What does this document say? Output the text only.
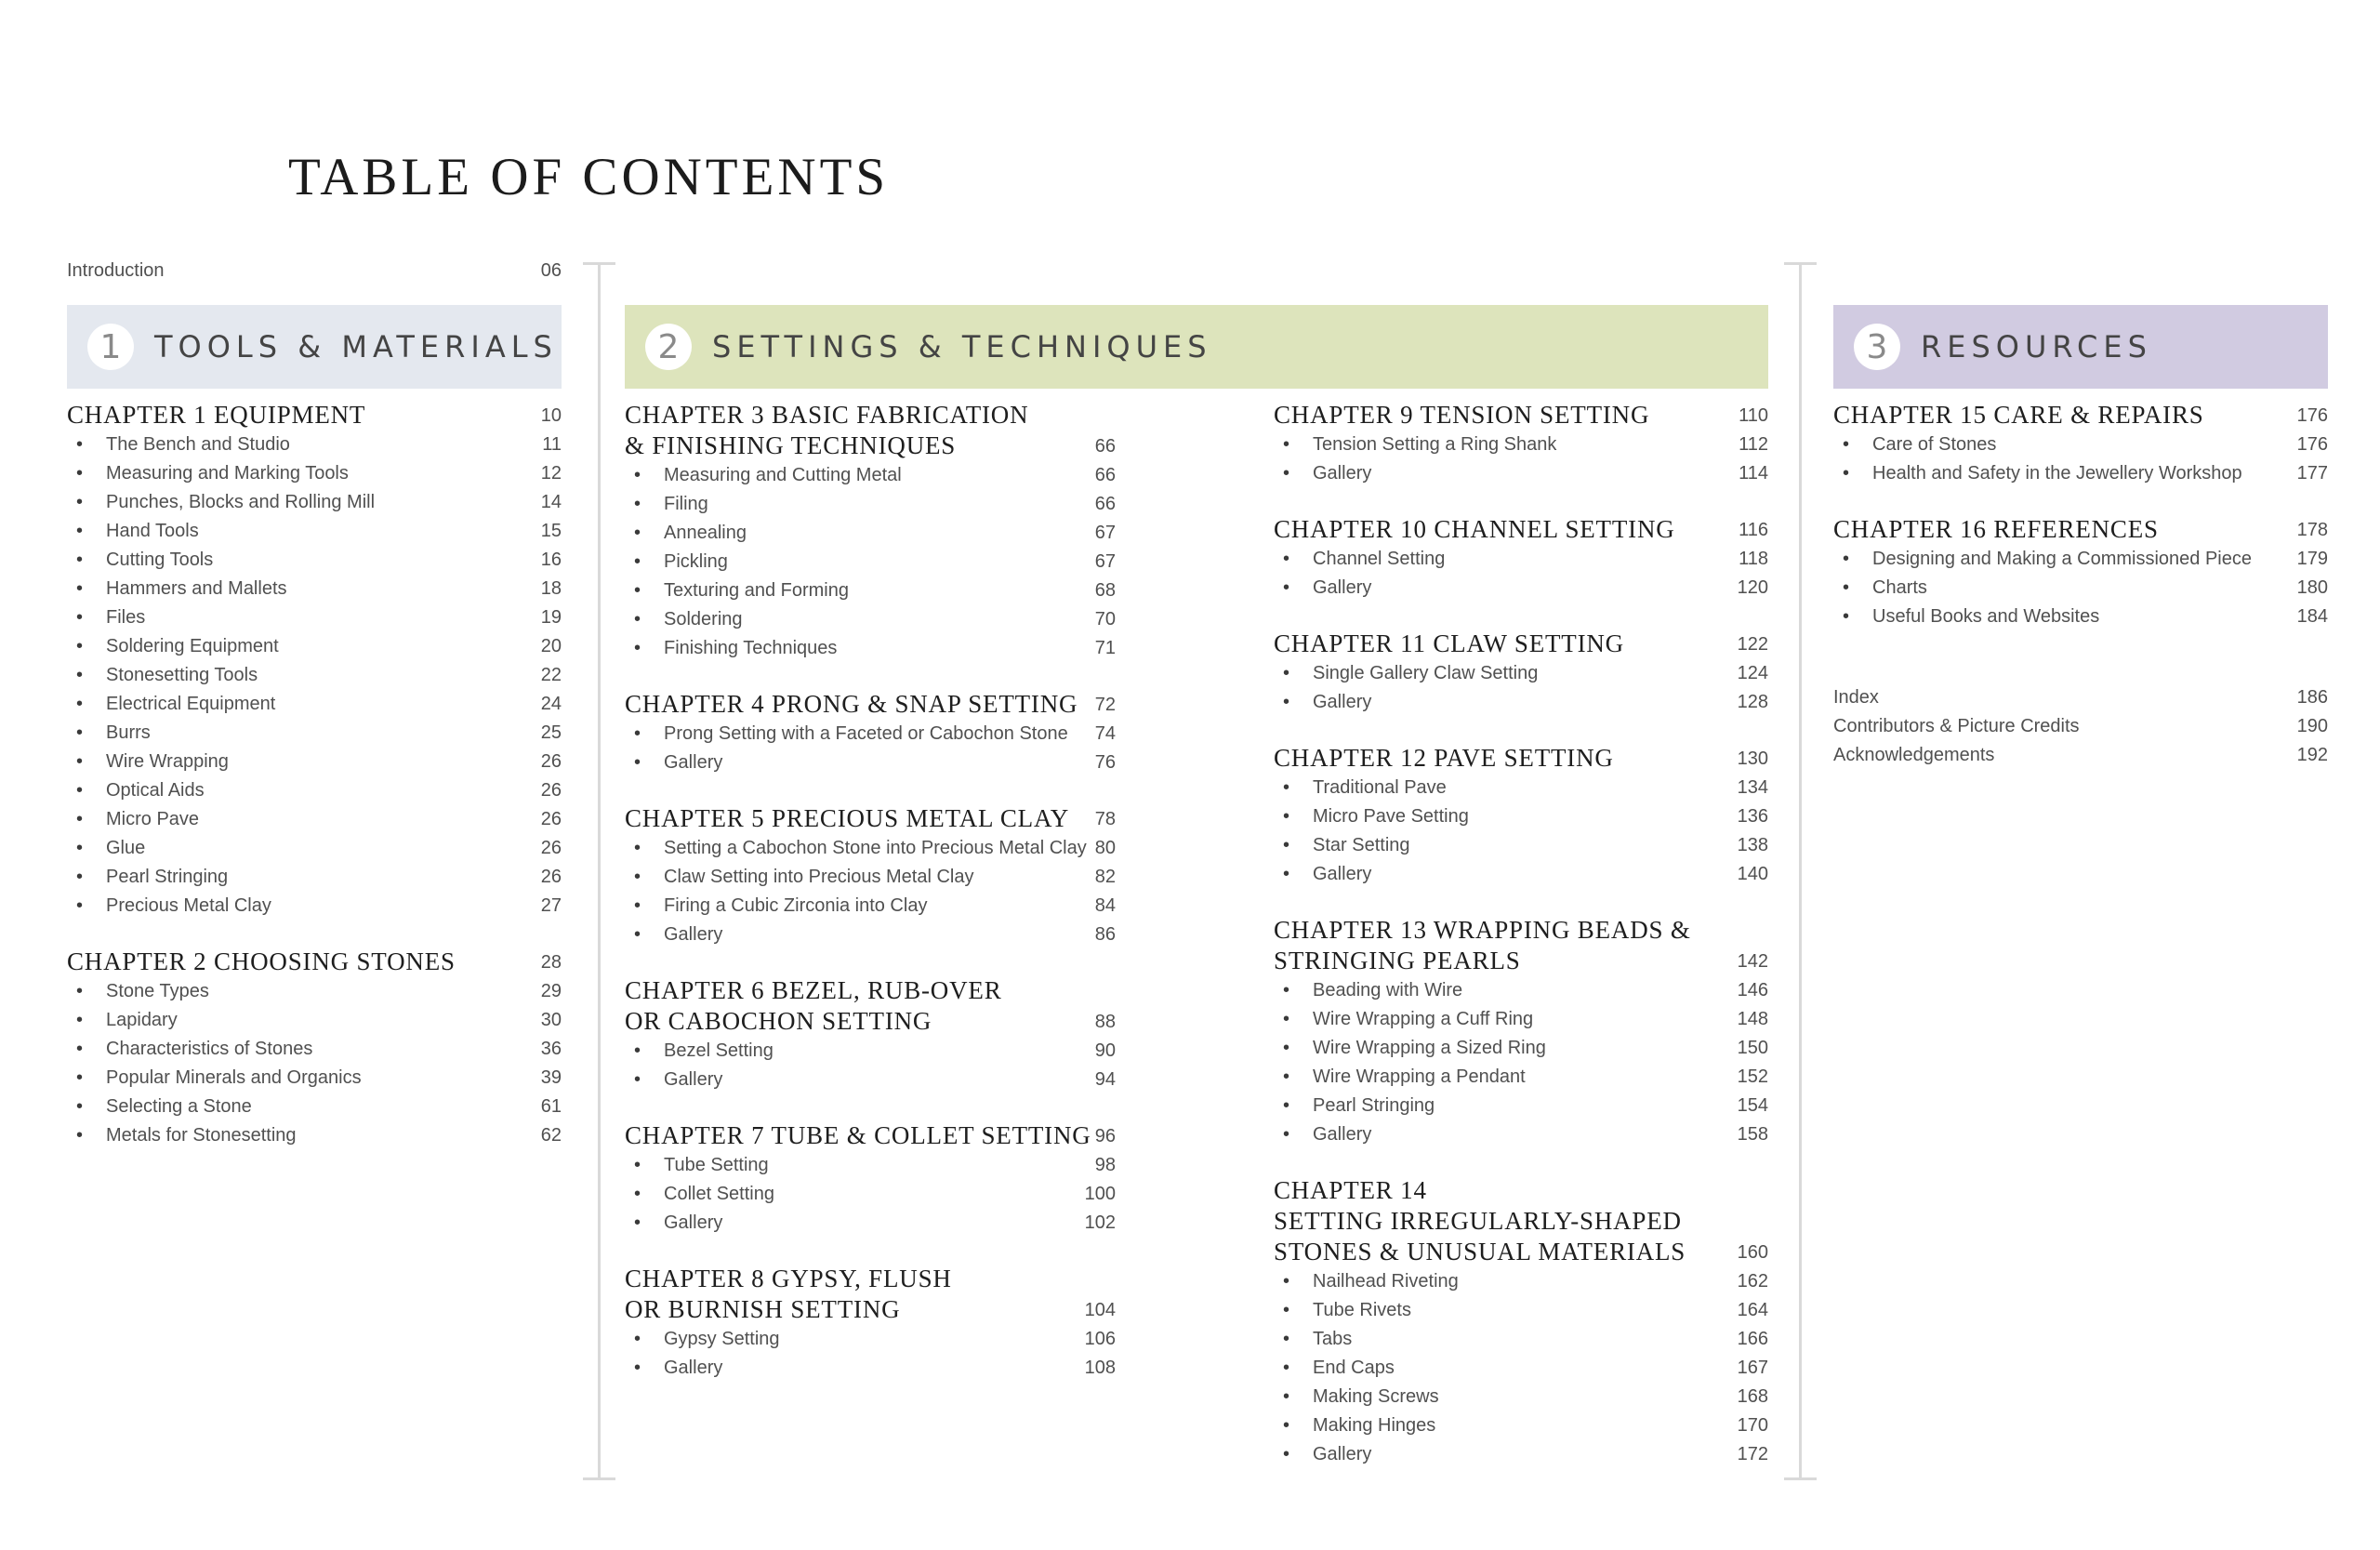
TABLE OF CONTENTS
Introduction	06
CHAPTER 1 EQUIPMENT	10
•	The Bench and Studio	11
•	Measuring and Marking Tools	12
•	Punches, Blocks and Rolling Mill	14
•	Hand Tools	15
•	Cutting Tools	16
•	Hammers and Mallets	18
•	Files	19
•	Soldering Equipment	20
•	Stonesetting Tools	22
•	Electrical Equipment	24
•	Burrs	25
•	Wire Wrapping	26
•	Optical Aids	26
•	Micro Pave	26
•	Glue	26
•	Pearl Stringing	26
•	Precious Metal Clay	27
CHAPTER 2 CHOOSING STONES	28
•	Stone Types	29
•	Lapidary	30
•	Characteristics of Stones	36
•	Popular Minerals and Organics	39
•	Selecting a Stone	61
•	Metals for Stonesetting	62
1	TOOLS & MATERIALS	2	SETTINGS & TECHNIQUES	3	RESOURCES
CHAPTER 3 BASIC FABRICATION
& FINISHING TECHNIQUES	66
•	Measuring and Cutting Metal	66
•	Filing	66
•	Annealing	67
•	Pickling	67
•	Texturing and Forming	68
•	Soldering	70
•	Finishing Techniques	71
CHAPTER 4 PRONG & SNAP SETTING 72
•	Prong Setting with a Faceted or Cabochon Stone	74
•	Gallery	76
CHAPTER 5 PRECIOUS METAL CLAY 78
•	Setting a Cabochon Stone into Precious Metal Clay 80
•	Claw Setting into Precious Metal Clay	82
•	Firing a Cubic Zirconia into Clay	84
•	Gallery	86
CHAPTER 6 BEZEL, RUB-OVER
OR CABOCHON SETTING	88
•	Bezel Setting	90
•	Gallery	94
CHAPTER 7 TUBE & COLLET SETTING 96
•	Tube Setting	98
•	Collet Setting	100
•	Gallery	102
CHAPTER 8 GYPSY, FLUSH
OR BURNISH SETTING	104
•	Gypsy Setting	106
•	Gallery	108
CHAPTER 9 TENSION SETTING	110
•	Tension Setting a Ring Shank	112
•	Gallery	114
CHAPTER 10 CHANNEL SETTING	116
•	Channel Setting	118
•	Gallery	120
CHAPTER 11 CLAW SETTING	122
•	Single Gallery Claw Setting	124
•	Gallery	128
CHAPTER 12 PAVE SETTING	130
•	Traditional Pave	134
•	Micro Pave Setting	136
•	Star Setting	138
•	Gallery	140
CHAPTER 13 WRAPPING BEADS &
STRINGING PEARLS	142
•	Beading with Wire	146
•	Wire Wrapping a Cuff Ring	148
•	Wire Wrapping a Sized Ring	150
•	Wire Wrapping a Pendant	152
•	Pearl Stringing	154
•	Gallery	158
CHAPTER 14
SETTING IRREGULARLY-SHAPED
STONES & UNUSUAL MATERIALS	160
•	Nailhead Riveting	162
•	Tube Rivets	164
•	Tabs	166
•	End Caps	167
•	Making Screws	168
•	Making Hinges	170
•	Gallery	172
CHAPTER 15 CARE & REPAIRS	176
•	Care of Stones	176
•	Health and Safety in the Jewellery Workshop	177
CHAPTER 16 REFERENCES	178
•	Designing and Making a Commissioned Piece	179
•	Charts	180
•	Useful Books and Websites	184
Index	186
Contributors & Picture Credits	190
Acknowledgements	192
